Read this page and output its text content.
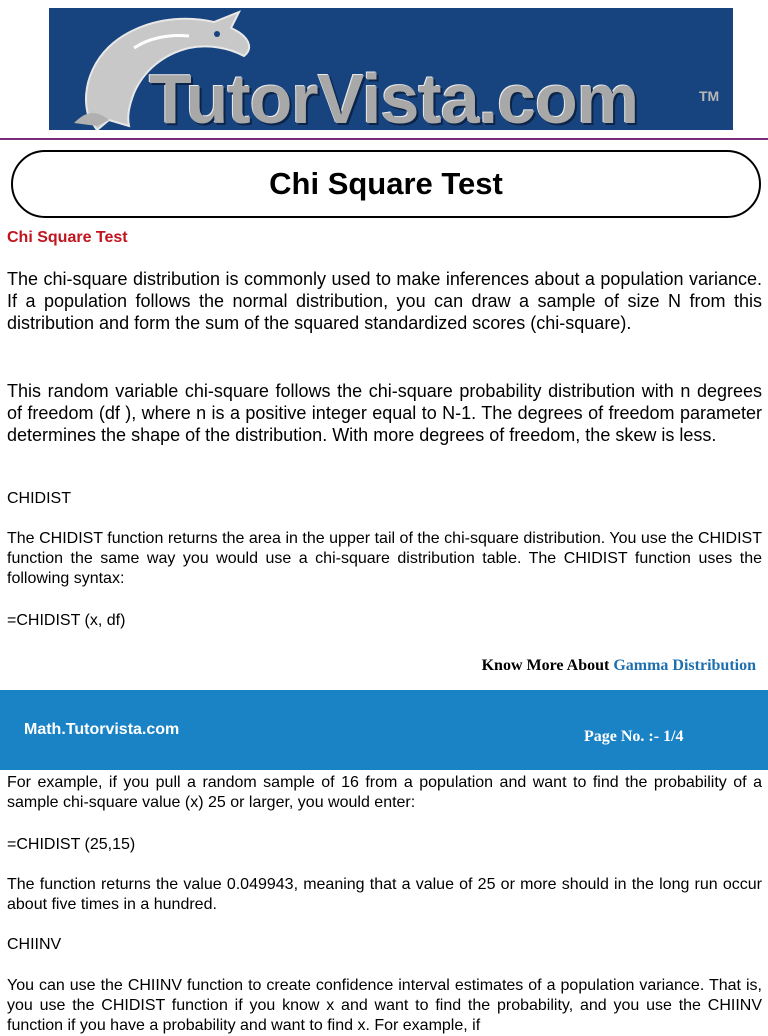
TutorVista.com	TM
Chi Square Test
Chi Square Test

The chi-square distribution is commonly used to make inferences about a population variance. If a population follows the normal distribution, you can draw a sample of size N from this distribution and form the sum of the squared standardized scores (chi-square).

This random variable chi-square follows the chi-square probability distribution with n degrees of freedom (df ), where n is a positive integer equal to N-1. The degrees of freedom parameter determines the shape of the distribution. With more degrees of freedom, the skew is less.

CHIDIST

The CHIDIST function returns the area in the upper tail of the chi-square distribution. You use the CHIDIST function the same way you would use a chi-square distribution table. The CHIDIST function uses the following syntax:

=CHIDIST (x, df)

Know More About Gamma Distribution
Math.Tutorvista.com	Page No. :- 1/4

For example, if you pull a random sample of 16 from a population and want to find the probability of a sample chi-square value (x) 25 or larger, you would enter:

=CHIDIST (25,15)

The function returns the value 0.049943, meaning that a value of 25 or more should in the long run occur about five times in a hundred.

CHIINV

You can use the CHIINV function to create confidence interval estimates of a population variance. That is, you use the CHIDIST function if you know x and want to find the probability, and you use the CHIINV function if you have a probability and want to find x. For example, if
